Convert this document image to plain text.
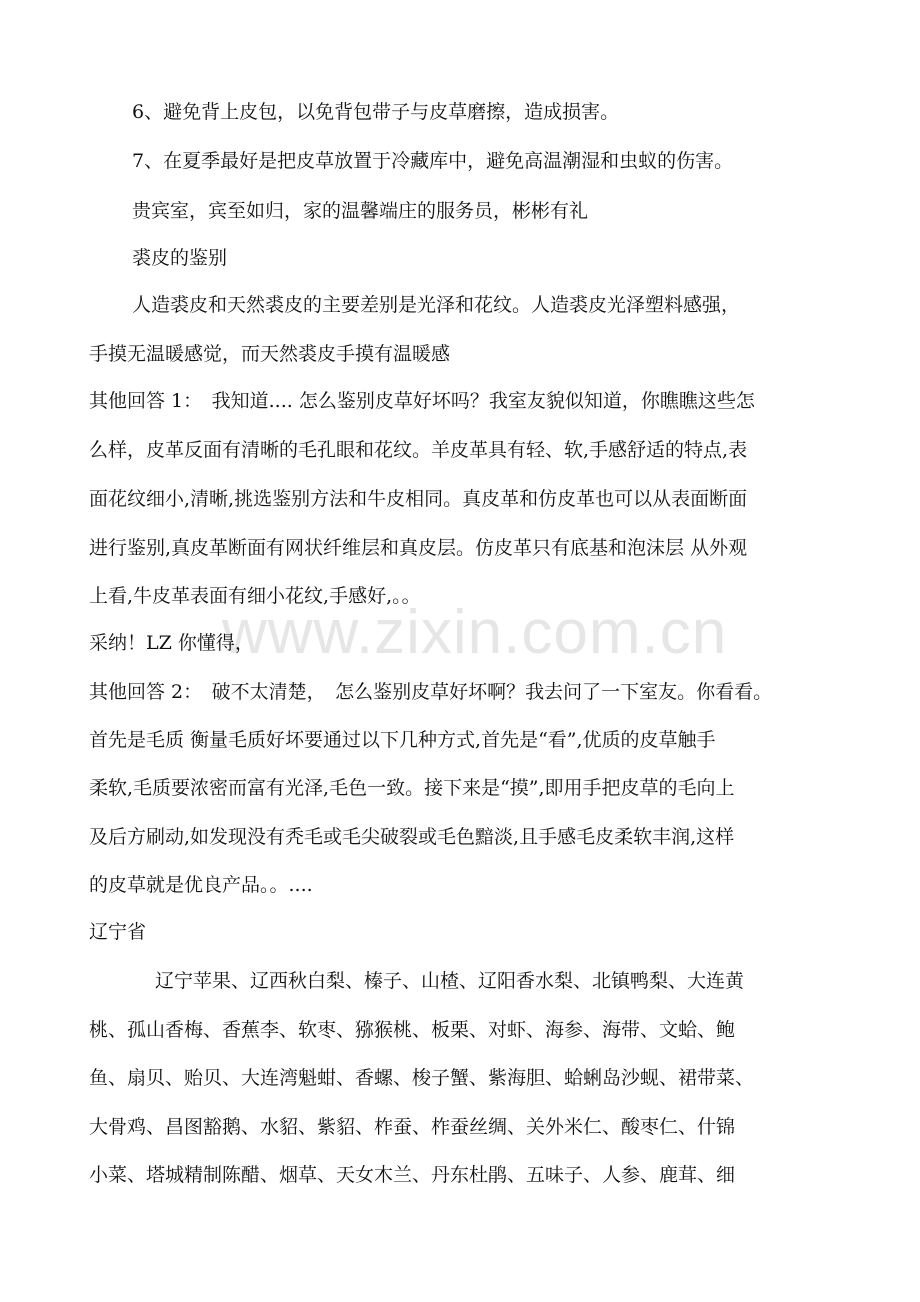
www.zixin.com.cn
6、避免背上皮包，以免背包带子与皮草磨擦，造成损害。
7、在夏季最好是把皮草放置于冷藏库中，避免高温潮湿和虫蚁的伤害。
贵宾室，宾至如归，家的温馨端庄的服务员，彬彬有礼
裘皮的鉴别
人造裘皮和天然裘皮的主要差别是光泽和花纹。人造裘皮光泽塑料感强，
手摸无温暖感觉，而天然裘皮手摸有温暖感
其他回答 1：　我知道.... 怎么鉴别皮草好坏吗？我室友貌似知道，你瞧瞧这些怎
么样，皮革反面有清晰的毛孔眼和花纹。羊皮革具有轻、软,手感舒适的特点,表
面花纹细小,清晰,挑选鉴别方法和牛皮相同。真皮革和仿皮革也可以从表面断面
进行鉴别,真皮革断面有网状纤维层和真皮层。仿皮革只有底基和泡沫层 从外观
上看,牛皮革表面有细小花纹,手感好,。。
采纳！LZ 你懂得，
其他回答 2：　破不太清楚，　怎么鉴别皮草好坏啊？我去问了一下室友。你看看。
首先是毛质 衡量毛质好坏要通过以下几种方式,首先是“看”,优质的皮草触手
柔软,毛质要浓密而富有光泽,毛色一致。接下来是“摸”,即用手把皮草的毛向上
及后方刷动,如发现没有秃毛或毛尖破裂或毛色黯淡,且手感毛皮柔软丰润,这样
的皮草就是优良产品。。....
辽宁省
辽宁苹果、辽西秋白梨、榛子、山楂、辽阳香水梨、北镇鸭梨、大连黄
桃、孤山香梅、香蕉李、软枣、猕猴桃、板栗、对虾、海参、海带、文蛤、鲍
鱼、扇贝、贻贝、大连湾魁蚶、香螺、梭子蟹、紫海胆、蛤蜊岛沙蚬、裙带菜、
大骨鸡、昌图豁鹅、水貂、紫貂、柞蚕、柞蚕丝绸、关外米仁、酸枣仁、什锦
小菜、塔城精制陈醋、烟草、天女木兰、丹东杜鹃、五味子、人参、鹿茸、细
